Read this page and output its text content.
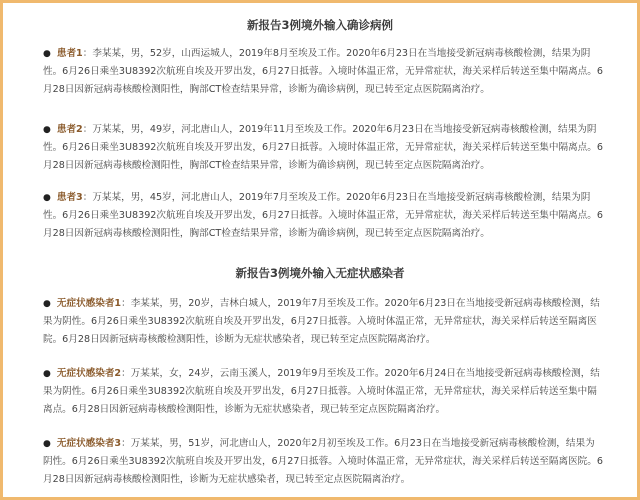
新报告3例境外输入确诊病例
● 患者1：李某某，男，52岁，山西运城人，2019年8月至埃及工作。2020年6月23日在当地接受新冠病毒核酸检测，结果为阴性。6月26日乘坐3U8392次航班自埃及开罗出发，6月27日抵蓉。入境时体温正常，无异常症状，海关采样后转送至集中隔离点。6月28日因新冠病毒核酸检测阳性，胸部CT检查结果异常，诊断为确诊病例，现已转至定点医院隔离治疗。
● 患者2：万某某，男，49岁，河北唐山人，2019年11月至埃及工作。2020年6月23日在当地接受新冠病毒核酸检测，结果为阴性。6月26日乘坐3U8392次航班自埃及开罗出发，6月27日抵蓉。入境时体温正常，无异常症状，海关采样后转送至集中隔离点。6月28日因新冠病毒核酸检测阳性，胸部CT检查结果异常，诊断为确诊病例，现已转至定点医院隔离治疗。
● 患者3：万某某，男，45岁，河北唐山人，2019年7月至埃及工作。2020年6月23日在当地接受新冠病毒核酸检测，结果为阴性。6月26日乘坐3U8392次航班自埃及开罗出发，6月27日抵蓉。入境时体温正常，无异常症状，海关采样后转送至集中隔离点。6月28日因新冠病毒核酸检测阳性，胸部CT检查结果异常，诊断为确诊病例，现已转至定点医院隔离治疗。
新报告3例境外输入无症状感染者
● 无症状感染者1：李某某，男，20岁，吉林白城人，2019年7月至埃及工作。2020年6月23日在当地接受新冠病毒核酸检测，结果为阴性。6月26日乘坐3U8392次航班自埃及开罗出发，6月27日抵蓉。入境时体温正常，无异常症状，海关采样后转送至隔离医院。6月28日因新冠病毒核酸检测阳性，诊断为无症状感染者，现已转至定点医院隔离治疗。
● 无症状感染者2：万某某，女，24岁，云南玉溪人，2019年9月至埃及工作。2020年6月24日在当地接受新冠病毒核酸检测，结果为阴性。6月26日乘坐3U8392次航班自埃及开罗出发，6月27日抵蓉。入境时体温正常，无异常症状，海关采样后转送至集中隔离点。6月28日因新冠病毒核酸检测阳性，诊断为无症状感染者，现已转至定点医院隔离治疗。
● 无症状感染者3：万某某，男，51岁，河北唐山人，2020年2月初至埃及工作。6月23日在当地接受新冠病毒核酸检测，结果为阴性。6月26日乘坐3U8392次航班自埃及开罗出发，6月27日抵蓉。入境时体温正常，无异常症状，海关采样后转送至隔离医院。6月28日因新冠病毒核酸检测阳性，诊断为无症状感染者，现已转至定点医院隔离治疗。
